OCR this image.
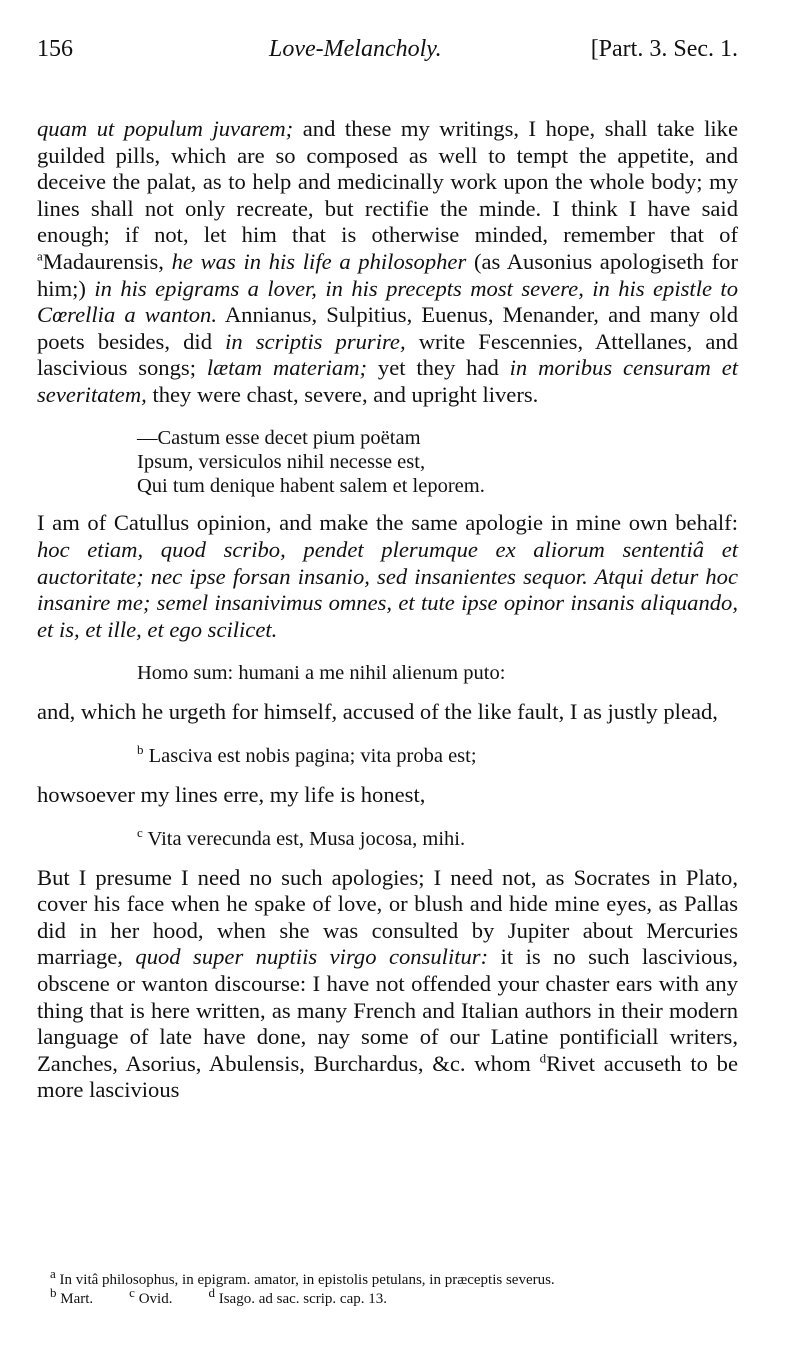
156	Love-Melancholy.	[Part. 3. Sec. 1.

quam ut populum juvarem; and these my writings, I hope, shall take like guilded pills, which are so composed as well to tempt the appetite, and deceive the palat, as to help and medicinally work upon the whole body; my lines shall not only recreate, but rectifie the minde. I think I have said enough; if not, let him that is otherwise minded, remember that of $^a$Madaurensis, he was in his life a philosopher (as Ausonius apologiseth for him;) in his epigrams a lover, in his precepts most severe, in his epistle to Cœrellia a wanton. Annianus, Sulpitius, Euenus, Menander, and many old poets besides, did in scriptis prurire, write Fescennies, Attellanes, and lascivious songs; lætam materiam; yet they had in moribus censuram et severitatem, they were chast, severe, and upright livers.

—Castum esse decet pium poëtam
Ipsum, versiculos nihil necesse est,
Qui tum denique habent salem et leporem.

I am of Catullus opinion, and make the same apologie in mine own behalf: hoc etiam, quod scribo, pendet plerumque ex aliorum sententiâ et auctoritate; nec ipse forsan insanio, sed insanientes sequor. Atqui detur hoc insanire me; semel insanivimus omnes, et tute ipse opinor insanis aliquando, et is, et ille, et ego scilicet.

Homo sum: humani a me nihil alienum puto:

and, which he urgeth for himself, accused of the like fault, I as justly plead,

$^b$ Lasciva est nobis pagina; vita proba est;

howsoever my lines erre, my life is honest,

$^c$ Vita verecunda est, Musa jocosa, mihi.

But I presume I need no such apologies; I need not, as Socrates in Plato, cover his face when he spake of love, or blush and hide mine eyes, as Pallas did in her hood, when she was consulted by Jupiter about Mercuries marriage, quod super nuptiis virgo consulitur: it is no such lascivious, obscene or wanton discourse: I have not offended your chaster ears with any thing that is here written, as many French and Italian authors in their modern language of late have done, nay some of our Latine pontificiall writers, Zanches, Asorius, Abulensis, Burchardus, &c. whom $^d$Rivet accuseth to be more lascivious

a In vitâ philosophus, in epigram. amator, in epistolis petulans, in præceptis severus.
b Mart.	c Ovid.	d Isago. ad sac. scrip. cap. 13.
